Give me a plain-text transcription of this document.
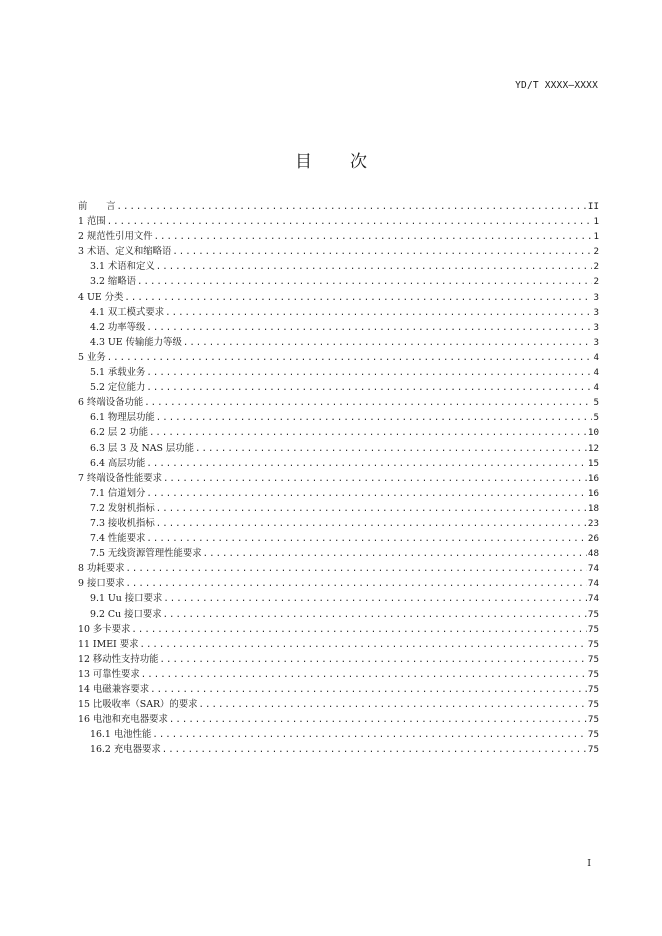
YD/T XXXX—XXXX
目次
前　　言 .....	II
1 范围 .....	1
2 规范性引用文件 .....	1
3 术语、定义和缩略语 .....	2
3.1 术语和定义 .....	2
3.2 缩略语 .....	2
4 UE 分类 .....	3
4.1 双工模式要求 .....	3
4.2 功率等级 .....	3
4.3 UE 传输能力等级 .....	3
5 业务 .....	4
5.1 承载业务 .....	4
5.2 定位能力 .....	4
6 终端设备功能 .....	5
6.1 物理层功能 .....	5
6.2 层 2 功能 .....	10
6.3 层 3 及 NAS 层功能 .....	12
6.4 高层功能 .....	15
7 终端设备性能要求 .....	16
7.1 信道划分 .....	16
7.2 发射机指标 .....	18
7.3 接收机指标 .....	23
7.4 性能要求 .....	26
7.5 无线资源管理性能要求 .....	48
8 功耗要求 .....	74
9 接口要求 .....	74
9.1 Uu 接口要求 .....	74
9.2 Cu 接口要求 .....	75
10 多卡要求 .....	75
11 IMEI 要求 .....	75
12 移动性支持功能 .....	75
13 可靠性要求 .....	75
14 电磁兼容要求 .....	75
15 比吸收率（SAR）的要求 .....	75
16 电池和充电器要求 .....	75
16.1 电池性能 .....	75
16.2 充电器要求 .....	75
I
